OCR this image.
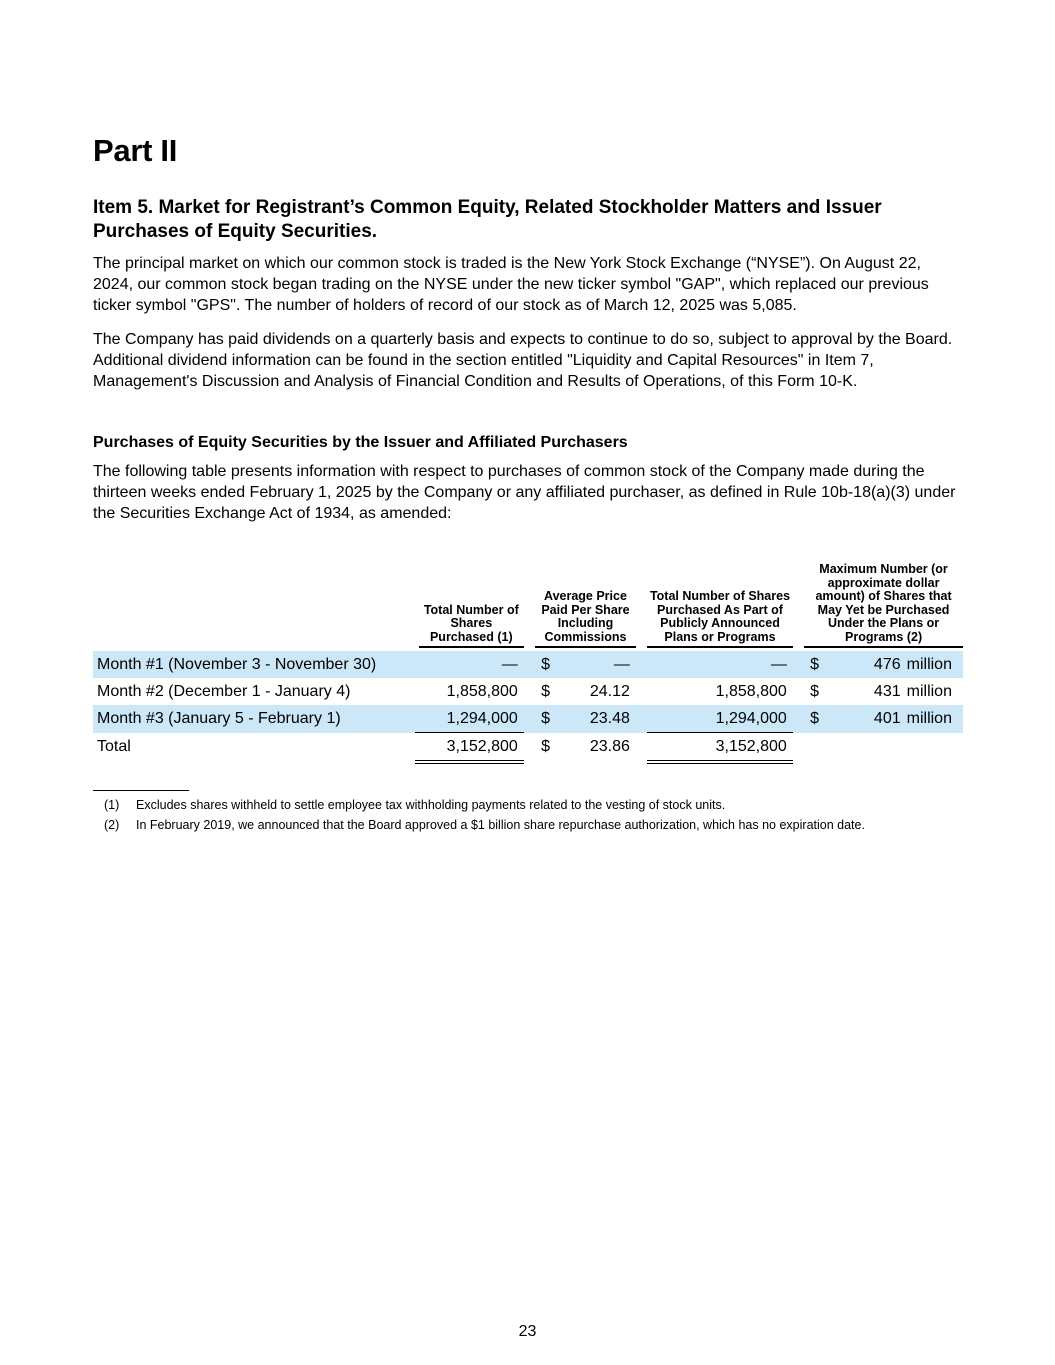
Part II
Item 5. Market for Registrant’s Common Equity, Related Stockholder Matters and Issuer Purchases of Equity Securities.

The principal market on which our common stock is traded is the New York Stock Exchange (“NYSE”). On August 22, 2024, our common stock began trading on the NYSE under the new ticker symbol "GAP", which replaced our previous ticker symbol "GPS". The number of holders of record of our stock as of March 12, 2025 was 5,085.

The Company has paid dividends on a quarterly basis and expects to continue to do so, subject to approval by the Board. Additional dividend information can be found in the section entitled "Liquidity and Capital Resources" in Item 7, Management's Discussion and Analysis of Financial Condition and Results of Operations, of this Form 10-K.

Purchases of Equity Securities by the Issuer and Affiliated Purchasers

The following table presents information with respect to purchases of common stock of the Company made during the thirteen weeks ended February 1, 2025 by the Company or any affiliated purchaser, as defined in Rule 10b-18(a)(3) under the Securities Exchange Act of 1934, as amended:

	Total Number of Shares Purchased (1)		Average Price Paid Per Share Including Commissions			Total Number of Shares Purchased As Part of Publicly Announced Plans or Programs		Maximum Number (or approximate dollar amount) of Shares that May Yet be Purchased Under the Plans or Programs (2)		

Month #1 (November 3 - November 30)	—		$	—		—		$	476	million
Month #2 (December 1 - January 4)	1,858,800		$	24.12		1,858,800		$	431	million
Month #3 (January 5 - February 1)	1,294,000		$	23.48		1,294,000		$	401	million
Total	3,152,800		$	23.86		3,152,800				
(1)	Excludes shares withheld to settle employee tax withholding payments related to the vesting of stock units.
(2)	In February 2019, we announced that the Board approved a $1 billion share repurchase authorization, which has no expiration date.
23
